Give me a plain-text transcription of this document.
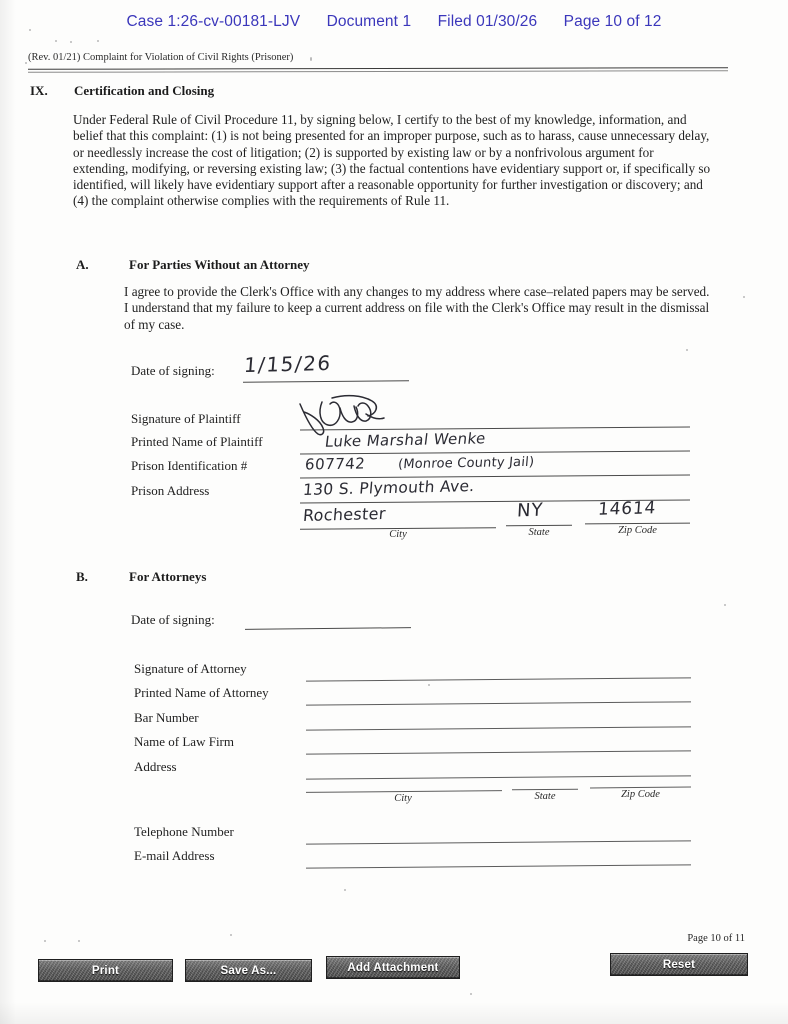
Case 1:26-cv-00181-LJV Document 1 Filed 01/30/26 Page 10 of 12
(Rev. 01/21) Complaint for Violation of Civil Rights (Prisoner)
IX. Certification and Closing
Under Federal Rule of Civil Procedure 11, by signing below, I certify to the best of my knowledge, information, and belief that this complaint: (1) is not being presented for an improper purpose, such as to harass, cause unnecessary delay, or needlessly increase the cost of litigation; (2) is supported by existing law or by a nonfrivolous argument for extending, modifying, or reversing existing law; (3) the factual contentions have evidentiary support or, if specifically so identified, will likely have evidentiary support after a reasonable opportunity for further investigation or discovery; and (4) the complaint otherwise complies with the requirements of Rule 11.
A.	For Parties Without an Attorney
I agree to provide the Clerk's Office with any changes to my address where case–related papers may be served. I understand that my failure to keep a current address on file with the Clerk's Office may result in the dismissal of my case.
Date of signing: 1/15/26
Signature of Plaintiff
Printed Name of Plaintiff	Luke Marshal Wenke
Prison Identification #	607742 (Monroe County Jail)
Prison Address	130 S. Plymouth Ave.
Rochester
City
NY
State
14614
Zip Code
B.	For Attorneys
Date of signing:
Signature of Attorney
Printed Name of Attorney
Bar Number
Name of Law Firm
Address
City	State	Zip Code
Telephone Number
E-mail Address
Page 10 of 11
Print	Save As...	Add Attachment	Reset
